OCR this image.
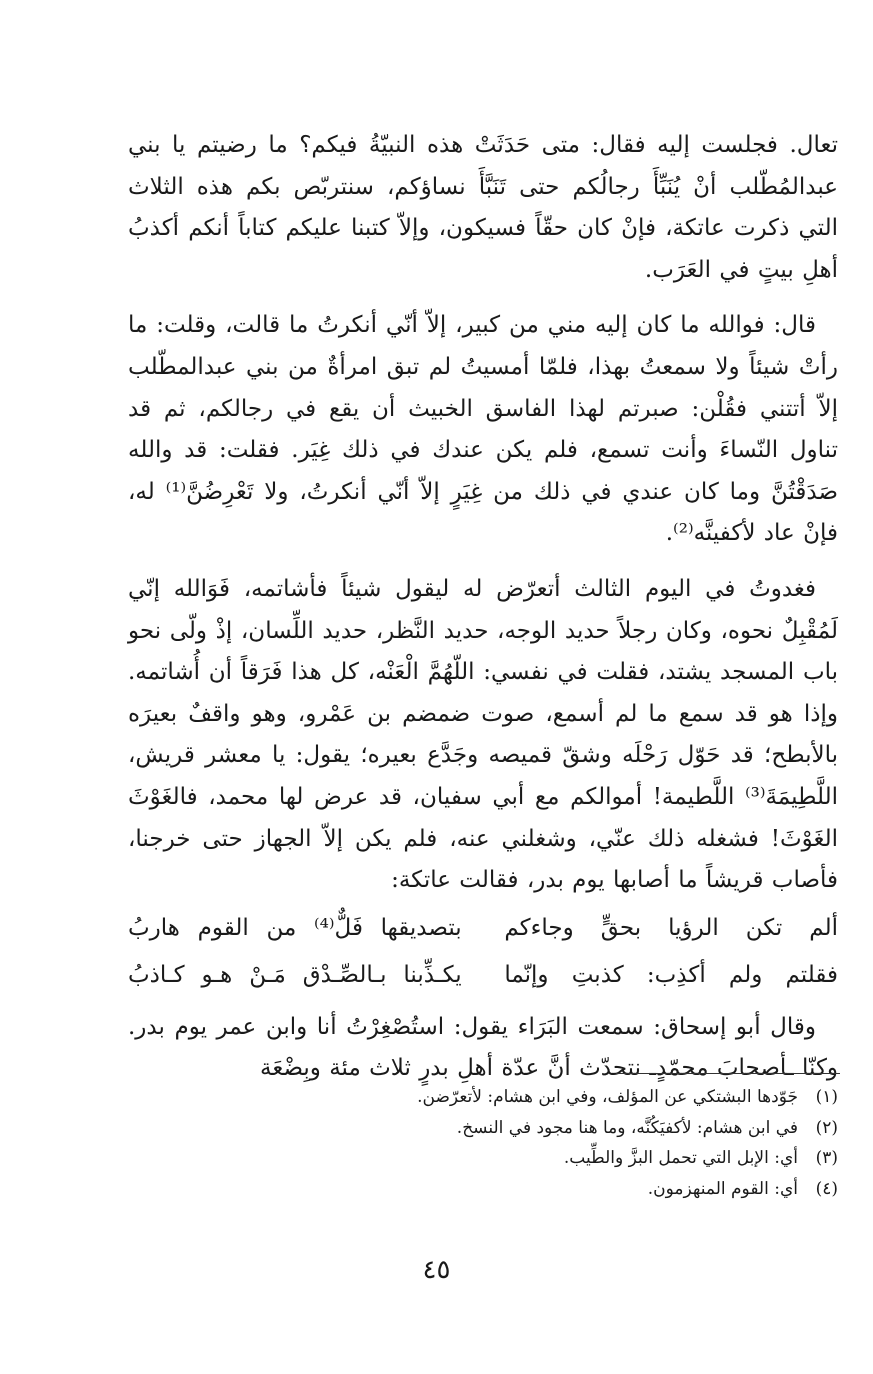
تعال. فجلست إليه فقال: متى حَدَثَتْ هذه النبيّةُ فيكم؟ ما رضيتم يا بني عبدالمُطّلب أنْ يُنَبِّأَ رجالُكم حتى تَنَبَّأَ نساؤكم، سنتربّص بكم هذه الثلاث التي ذكرت عاتكة، فإنْ كان حقّاً فسيكون، وإلاّ كتبنا عليكم كتاباً أنكم أكذبُ أهلِ بيتٍ في العَرَب.

قال: فوالله ما كان إليه مني من كبير، إلاّ أنّي أنكرتُ ما قالت، وقلت: ما رأتْ شيئاً ولا سمعتُ بهذا، فلمّا أمسيتُ لم تبق امرأةٌ من بني عبدالمطّلب إلاّ أتتني فقُلْن: صبرتم لهذا الفاسق الخبيث أن يقع في رجالكم، ثم قد تناول النّساءَ وأنت تسمع، فلم يكن عندك في ذلك غِيَر. فقلت: قد والله صَدَقْتُنَّ وما كان عندي في ذلك من غِيَرٍ إلاّ أنّي أنكرتُ، ولا تَعْرِضُنَّ⁽¹⁾ له، فإنْ عاد لأكفينَّه⁽²⁾.

فغدوتُ في اليوم الثالث أتعرّض له ليقول شيئاً فأشاتمه، فَوَالله إنّي لَمُقْبِلٌ نحوه، وكان رجلاً حديد الوجه، حديد النَّظر، حديد اللِّسان، إذْ ولّى نحو باب المسجد يشتد، فقلت في نفسي: اللّهُمَّ الْعَنْه، كل هذا فَرَقاً أن أُشاتمه. وإذا هو قد سمع ما لم أسمع، صوت ضمضم بن عَمْرو، وهو واقفٌ بعيرَه بالأبطح؛ قد حَوّل رَحْلَه وشقّ قميصه وجَدَّع بعيره؛ يقول: يا معشر قريش، اللَّطِيمَةَ⁽³⁾ اللَّطيمة! أموالكم مع أبي سفيان، قد عرض لها محمد، فالغَوْثَ الغَوْثَ! فشغله ذلك عنّي، وشغلني عنه، فلم يكن إلاّ الجهاز حتى خرجنا، فأصاب قريشاً ما أصابها يوم بدر، فقالت عاتكة:

ألم تكن الرؤيا بحقٍّ وجاءكم
بتصديقها فَلٌّ⁽⁴⁾ من القوم هاربُ
فقلتم ولم أكذِب: كذبتِ وإنّما
يكـذِّبنا بـالصِّـدْق مَـنْ هـو كـاذبُ

وقال أبو إسحاق: سمعت البَرَاء يقول: استُصْغِرْتُ أنا وابن عمر يوم بدر. وكنّا ـأصحابَ محمّدٍـ نتحدّث أنَّ عدّة أهلِ بدرٍ ثلاث مئة وبِضْعَة

(١)
جَوّدها البشتكي عن المؤلف، وفي ابن هشام: لأتعرّضن.
(٢)
في ابن هشام: لأكفيَكُنَّه، وما هنا مجود في النسخ.
(٣)
أي: الإبل التي تحمل البزَّ والطِّيب.
(٤)
أي: القوم المنهزمون.
٤٥
